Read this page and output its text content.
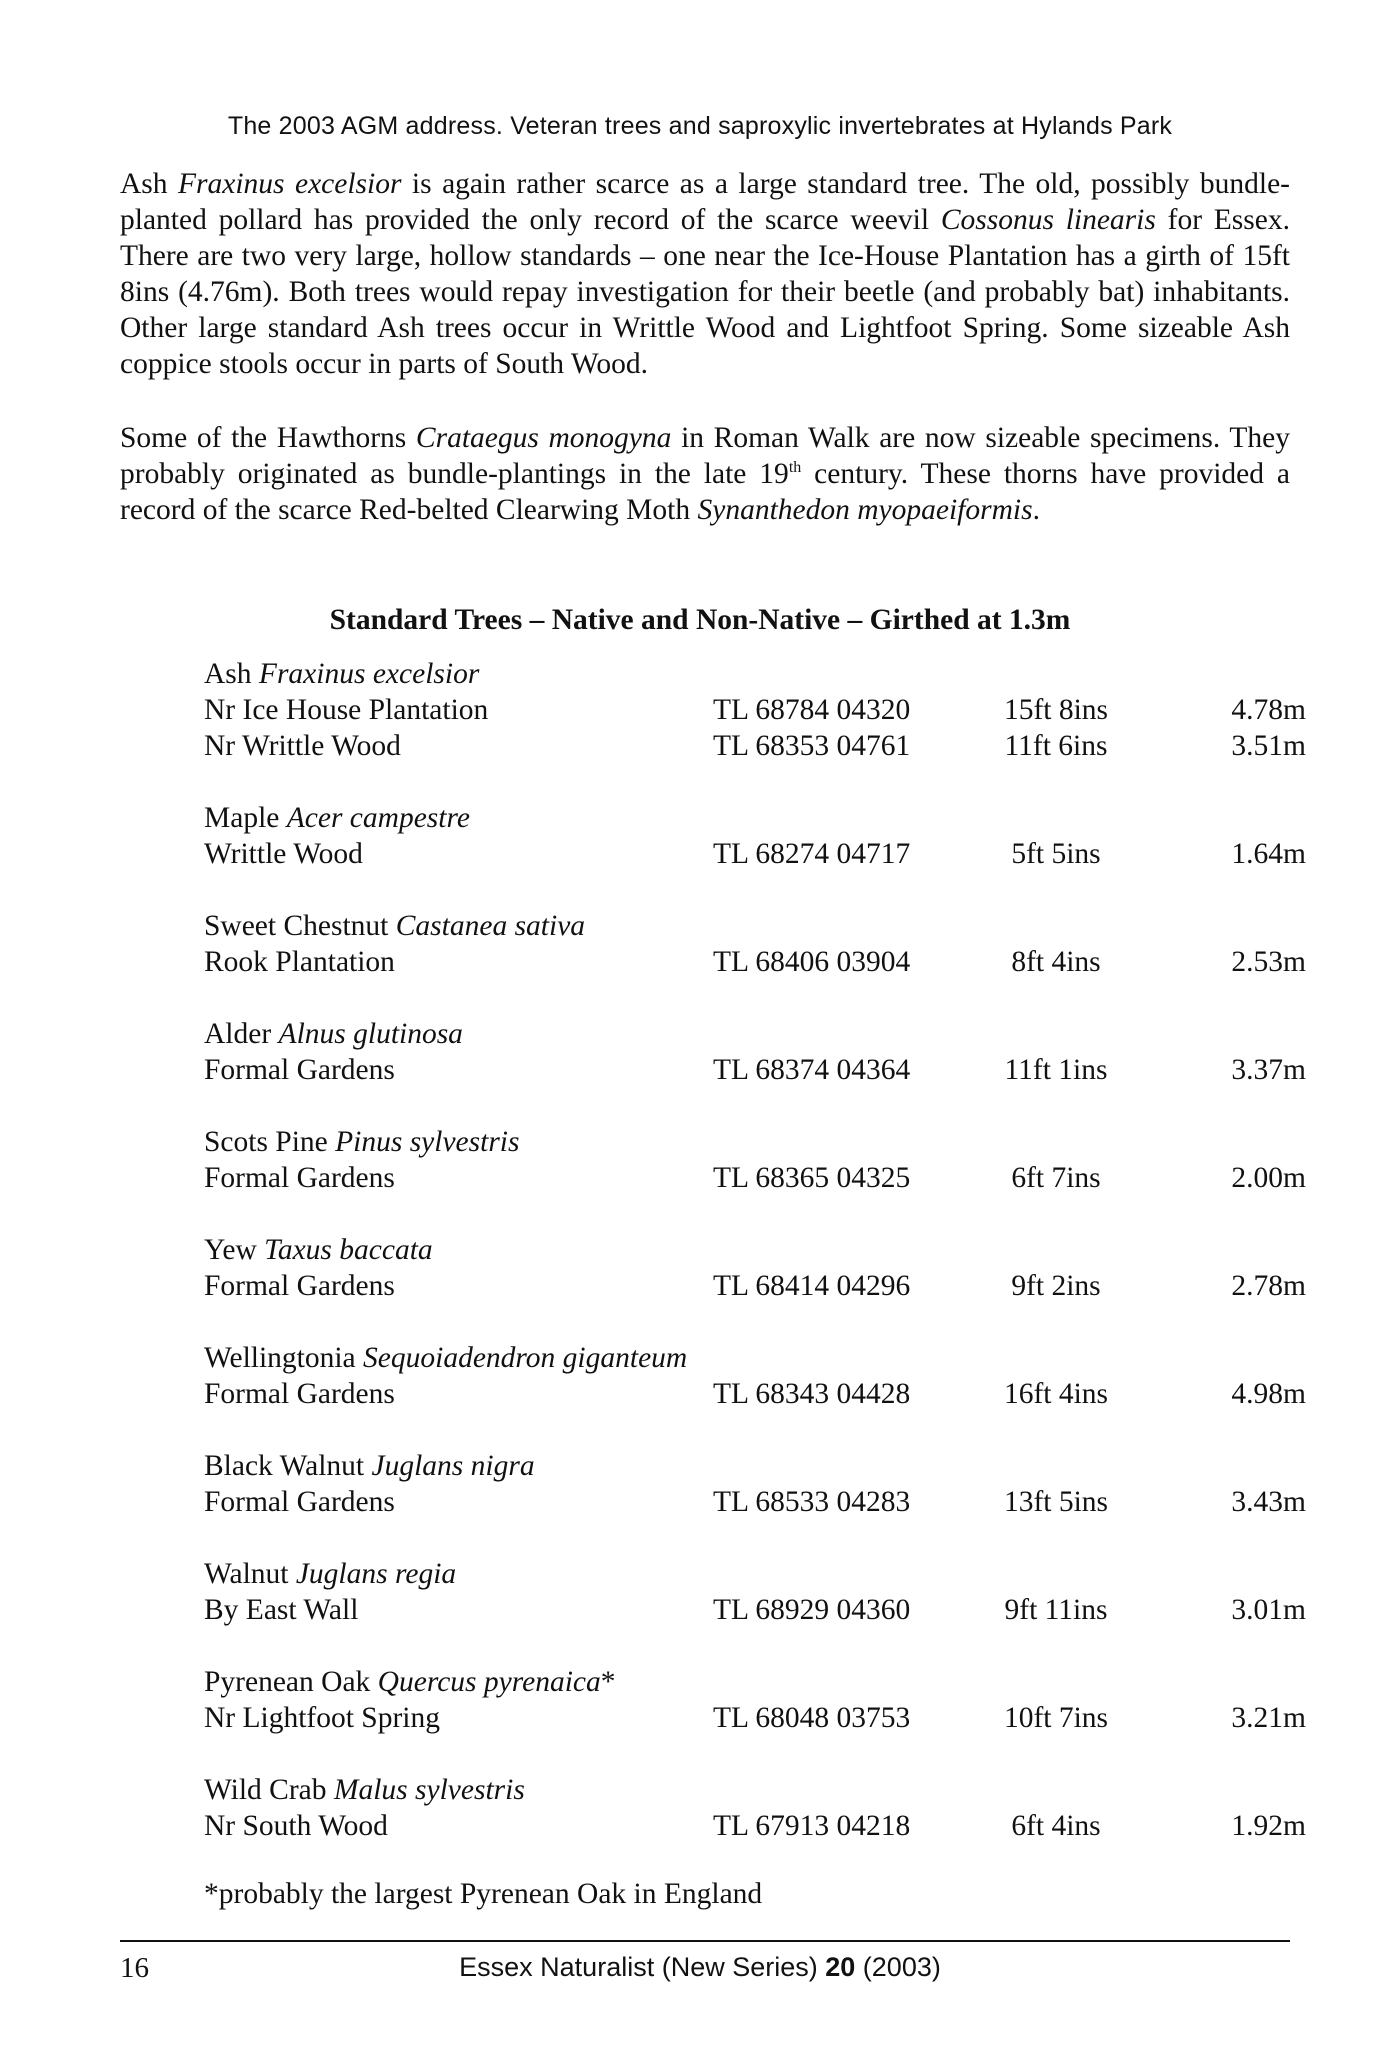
The 2003 AGM address. Veteran trees and saproxylic invertebrates at Hylands Park
Ash Fraxinus excelsior is again rather scarce as a large standard tree. The old, possibly bundle-planted pollard has provided the only record of the scarce weevil Cossonus linearis for Essex. There are two very large, hollow standards – one near the Ice-House Plantation has a girth of 15ft 8ins (4.76m). Both trees would repay investigation for their beetle (and probably bat) inhabitants. Other large standard Ash trees occur in Writtle Wood and Lightfoot Spring. Some sizeable Ash coppice stools occur in parts of South Wood.
Some of the Hawthorns Crataegus monogyna in Roman Walk are now sizeable specimens. They probably originated as bundle-plantings in the late 19th century. These thorns have provided a record of the scarce Red-belted Clearwing Moth Synanthedon myopaeiformis.
Standard Trees – Native and Non-Native – Girthed at 1.3m
Ash Fraxinus excelsior
Nr Ice House Plantation	TL 68784 04320	15ft 8ins	4.78m
Nr Writtle Wood	TL 68353 04761	11ft 6ins	3.51m
Maple Acer campestre
Writtle Wood	TL 68274 04717	5ft 5ins	1.64m
Sweet Chestnut Castanea sativa
Rook Plantation	TL 68406 03904	8ft 4ins	2.53m
Alder Alnus glutinosa
Formal Gardens	TL 68374 04364	11ft 1ins	3.37m
Scots Pine Pinus sylvestris
Formal Gardens	TL 68365 04325	6ft 7ins	2.00m
Yew Taxus baccata
Formal Gardens	TL 68414 04296	9ft 2ins	2.78m
Wellingtonia Sequoiadendron giganteum
Formal Gardens	TL 68343 04428	16ft 4ins	4.98m
Black Walnut Juglans nigra
Formal Gardens	TL 68533 04283	13ft 5ins	3.43m
Walnut Juglans regia
By East Wall	TL 68929 04360	9ft 11ins	3.01m
Pyrenean Oak Quercus pyrenaica*
Nr Lightfoot Spring	TL 68048 03753	10ft 7ins	3.21m
Wild Crab Malus sylvestris
Nr South Wood	TL 67913 04218	6ft 4ins	1.92m
*probably the largest Pyrenean Oak in England
16	Essex Naturalist (New Series) 20 (2003)
